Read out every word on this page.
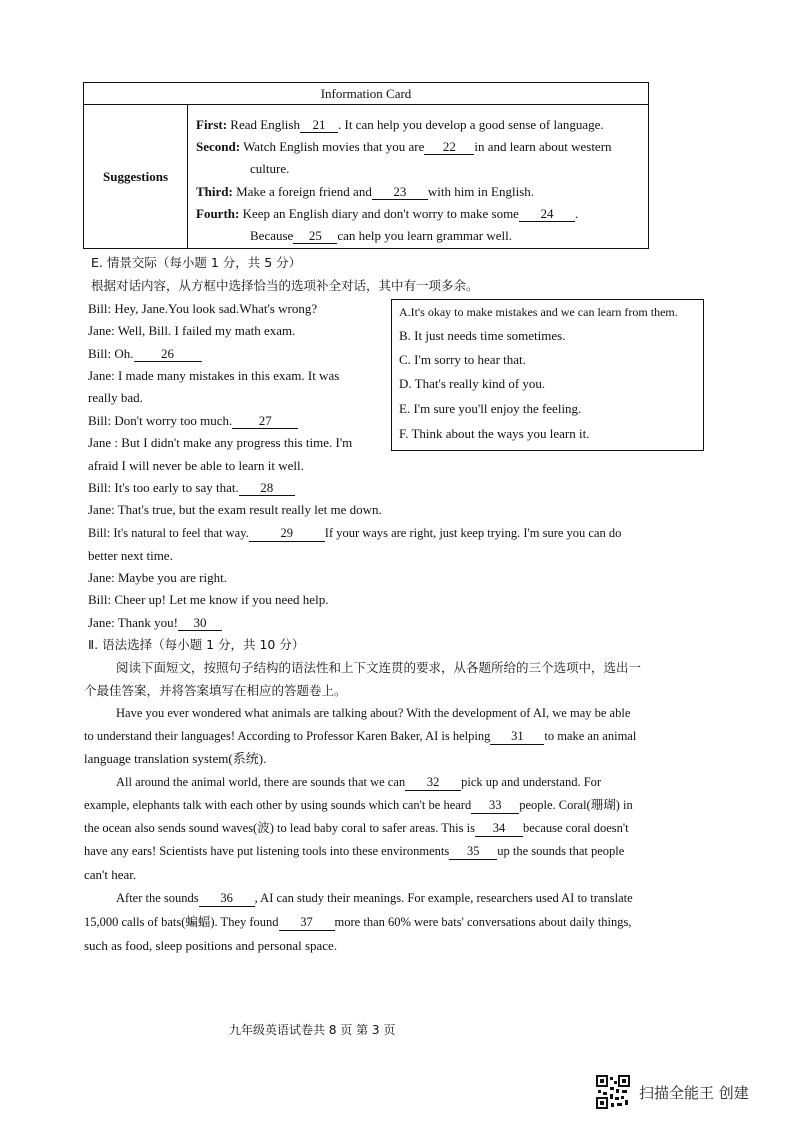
Information Card
Suggestions
First: Read English 21 . It can help you develop a good sense of language.
Second: Watch English movies that you are 22 in and learn about western
culture.
Third: Make a foreign friend and 23 with him in English.
Fourth: Keep an English diary and don't worry to make some 24 .
Because 25 can help you learn grammar well.
E. 情景交际（每小题 1 分，共 5 分）
根据对话内容，从方框中选择恰当的选项补全对话，其中有一项多余。
Bill: Hey, Jane.You look sad.What's wrong?
Jane: Well, Bill. I failed my math exam.
Bill: Oh. 26
Jane: I made many mistakes in this exam. It was
really bad.
Bill: Don't worry too much. 27
Jane : But I didn't make any progress this time. I'm
afraid I will never be able to learn it well.
Bill: It's too early to say that. 28
Jane: That's true, but the exam result really let me down.
Bill: It's natural to feel that way.	29	If your ways are right, just keep trying. I'm sure you can do
better next time.
Jane: Maybe you are right.
Bill: Cheer up! Let me know if you need help.
Jane: Thank you! 30
A.It's okay to make mistakes and we can learn from them.
B. It just needs time sometimes.
C. I'm sorry to hear that.
D. That's really kind of you.
E. I'm sure you'll enjoy the feeling.
F. Think about the ways you learn it.
Ⅱ. 语法选择（每小题 1 分，共 10 分）
阅读下面短文，按照句子结构的语法性和上下文连贯的要求，从各题所给的三个选项中，选出一
个最佳答案，并将答案填写在相应的答题卷上。
Have you ever wondered what animals are talking about? With the development of AI, we may be able
to understand their languages! According to Professor Karen Baker, AI is helping 31 to make an animal
language translation system(系统).
All around the animal world, there are sounds that we can 32 pick up and understand. For
example, elephants talk with each other by using sounds which can't be heard 33 people. Coral(珊瑚) in
the ocean also sends sound waves(波) to lead baby coral to safer areas. This is 34 because coral doesn't
have any ears! Scientists have put listening tools into these environments 35 up the sounds that people
can't hear.
After the sounds 36 , AI can study their meanings. For example, researchers used AI to translate
15,000 calls of bats(蝙蝠). They found 37 more than 60% were bats' conversations about daily things,
such as food, sleep positions and personal space.
九年级英语试卷共 8 页 第 3 页
扫描全能王 创建
